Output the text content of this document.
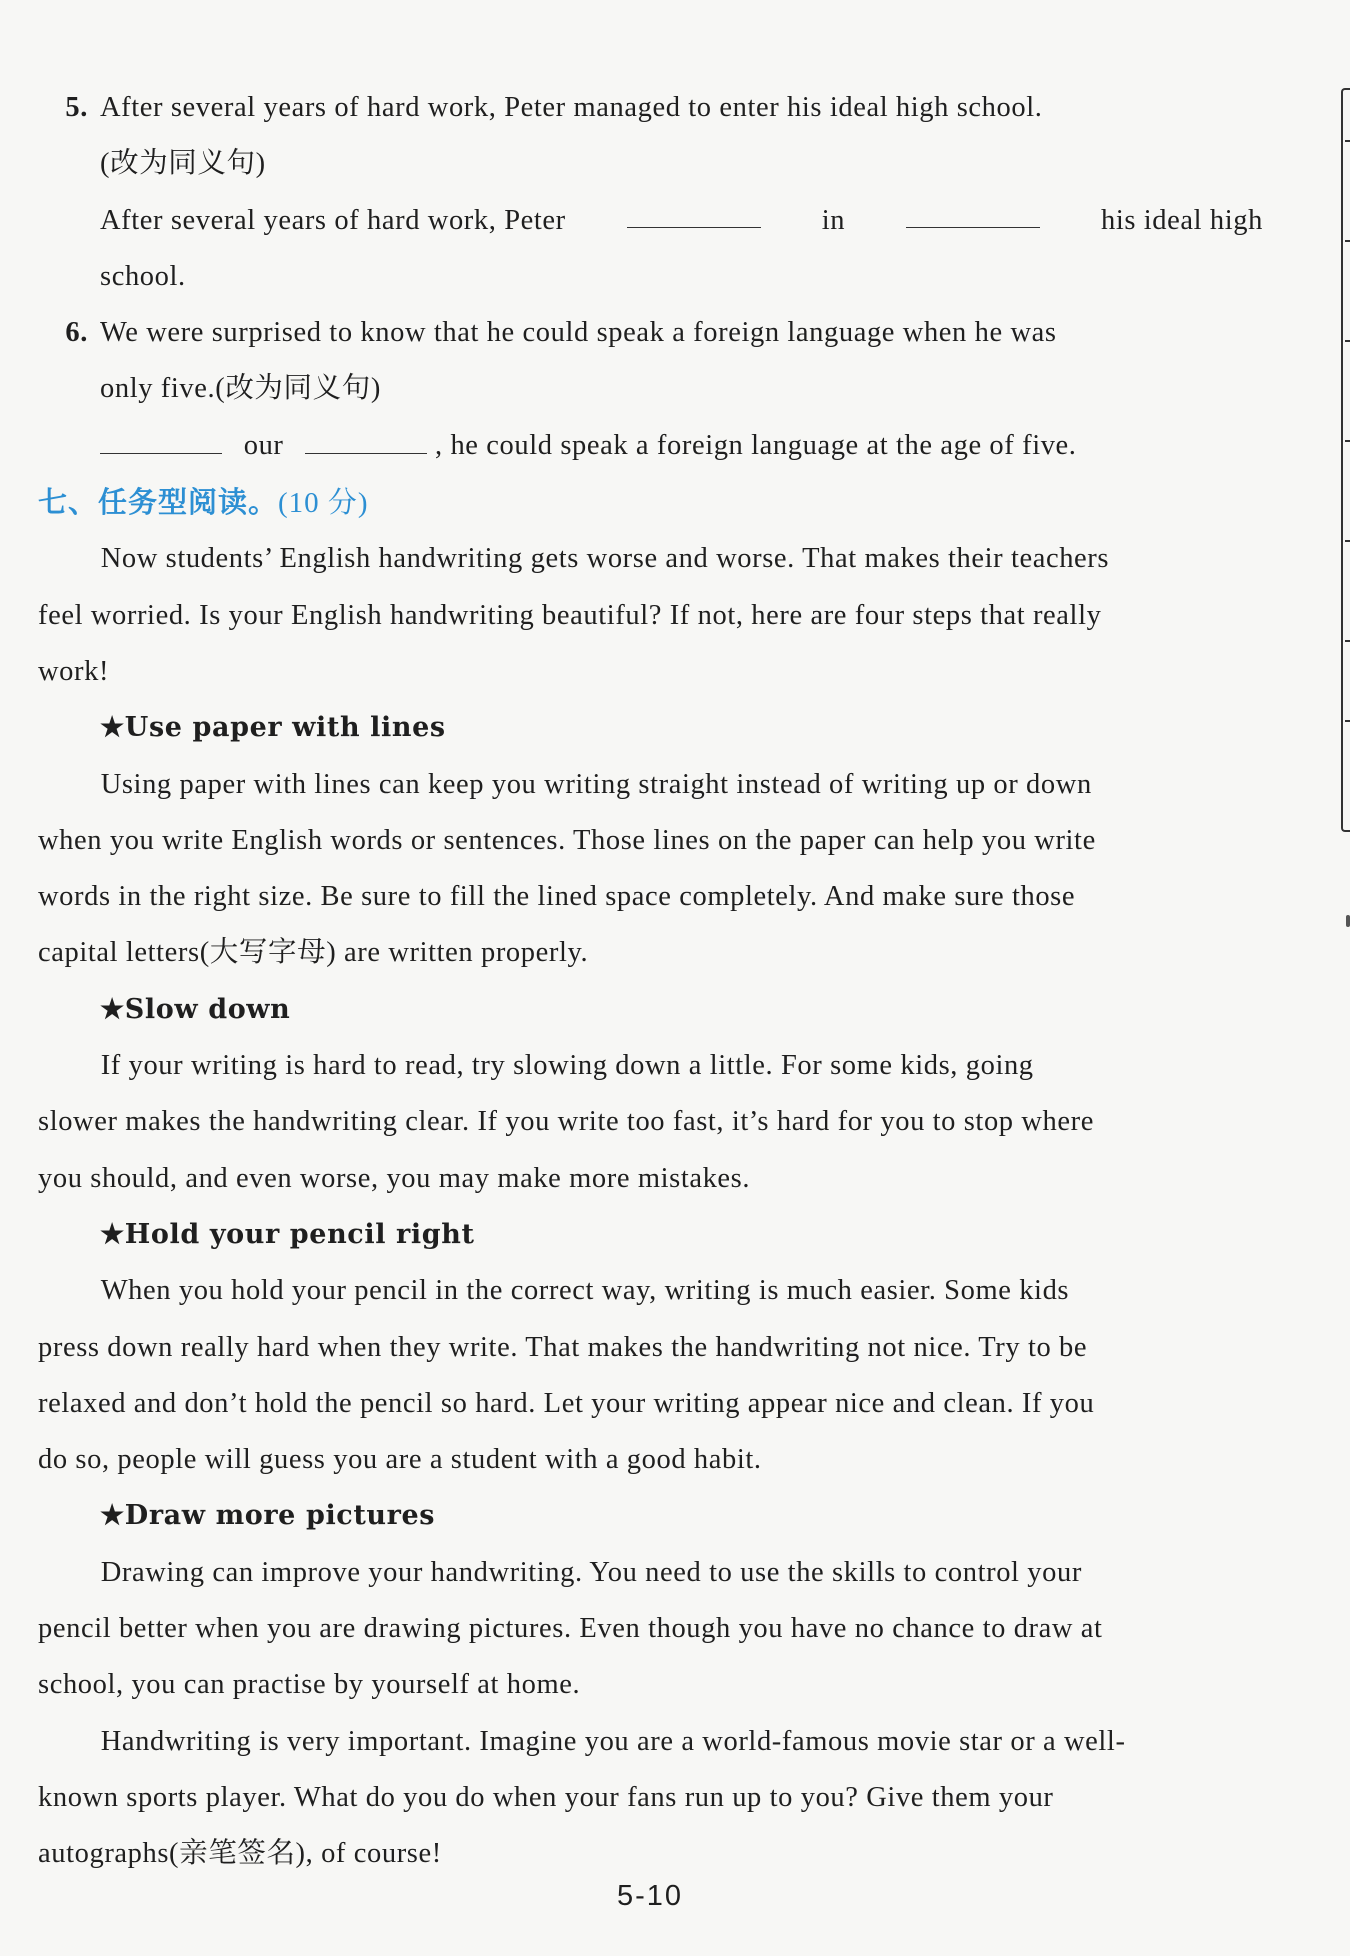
5. After several years of hard work, Peter managed to enter his ideal high school.
(改为同义句)
After several years of hard work, Peter	in	his ideal high
school.
6. We were surprised to know that he could speak a foreign language when he was
only five.(改为同义句)
our	, he could speak a foreign language at the age of five.
七、任务型阅读。(10 分)

Now students’ English handwriting gets worse and worse. That makes their teachers

feel worried. Is your English handwriting beautiful? If not, here are four steps that really

work!

★Use paper with lines

Using paper with lines can keep you writing straight instead of writing up or down

when you write English words or sentences. Those lines on the paper can help you write

words in the right size. Be sure to fill the lined space completely. And make sure those

capital letters(大写字母) are written properly.

★Slow down

If your writing is hard to read, try slowing down a little. For some kids, going

slower makes the handwriting clear. If you write too fast, it’s hard for you to stop where

you should, and even worse, you may make more mistakes.

★Hold your pencil right

When you hold your pencil in the correct way, writing is much easier. Some kids

press down really hard when they write. That makes the handwriting not nice. Try to be

relaxed and don’t hold the pencil so hard. Let your writing appear nice and clean. If you

do so, people will guess you are a student with a good habit.

★Draw more pictures

Drawing can improve your handwriting. You need to use the skills to control your

pencil better when you are drawing pictures. Even though you have no chance to draw at

school, you can practise by yourself at home.

Handwriting is very important. Imagine you are a world-famous movie star or a well-

known sports player. What do you do when your fans run up to you? Give them your

autographs(亲笔签名), of course!

5-10
